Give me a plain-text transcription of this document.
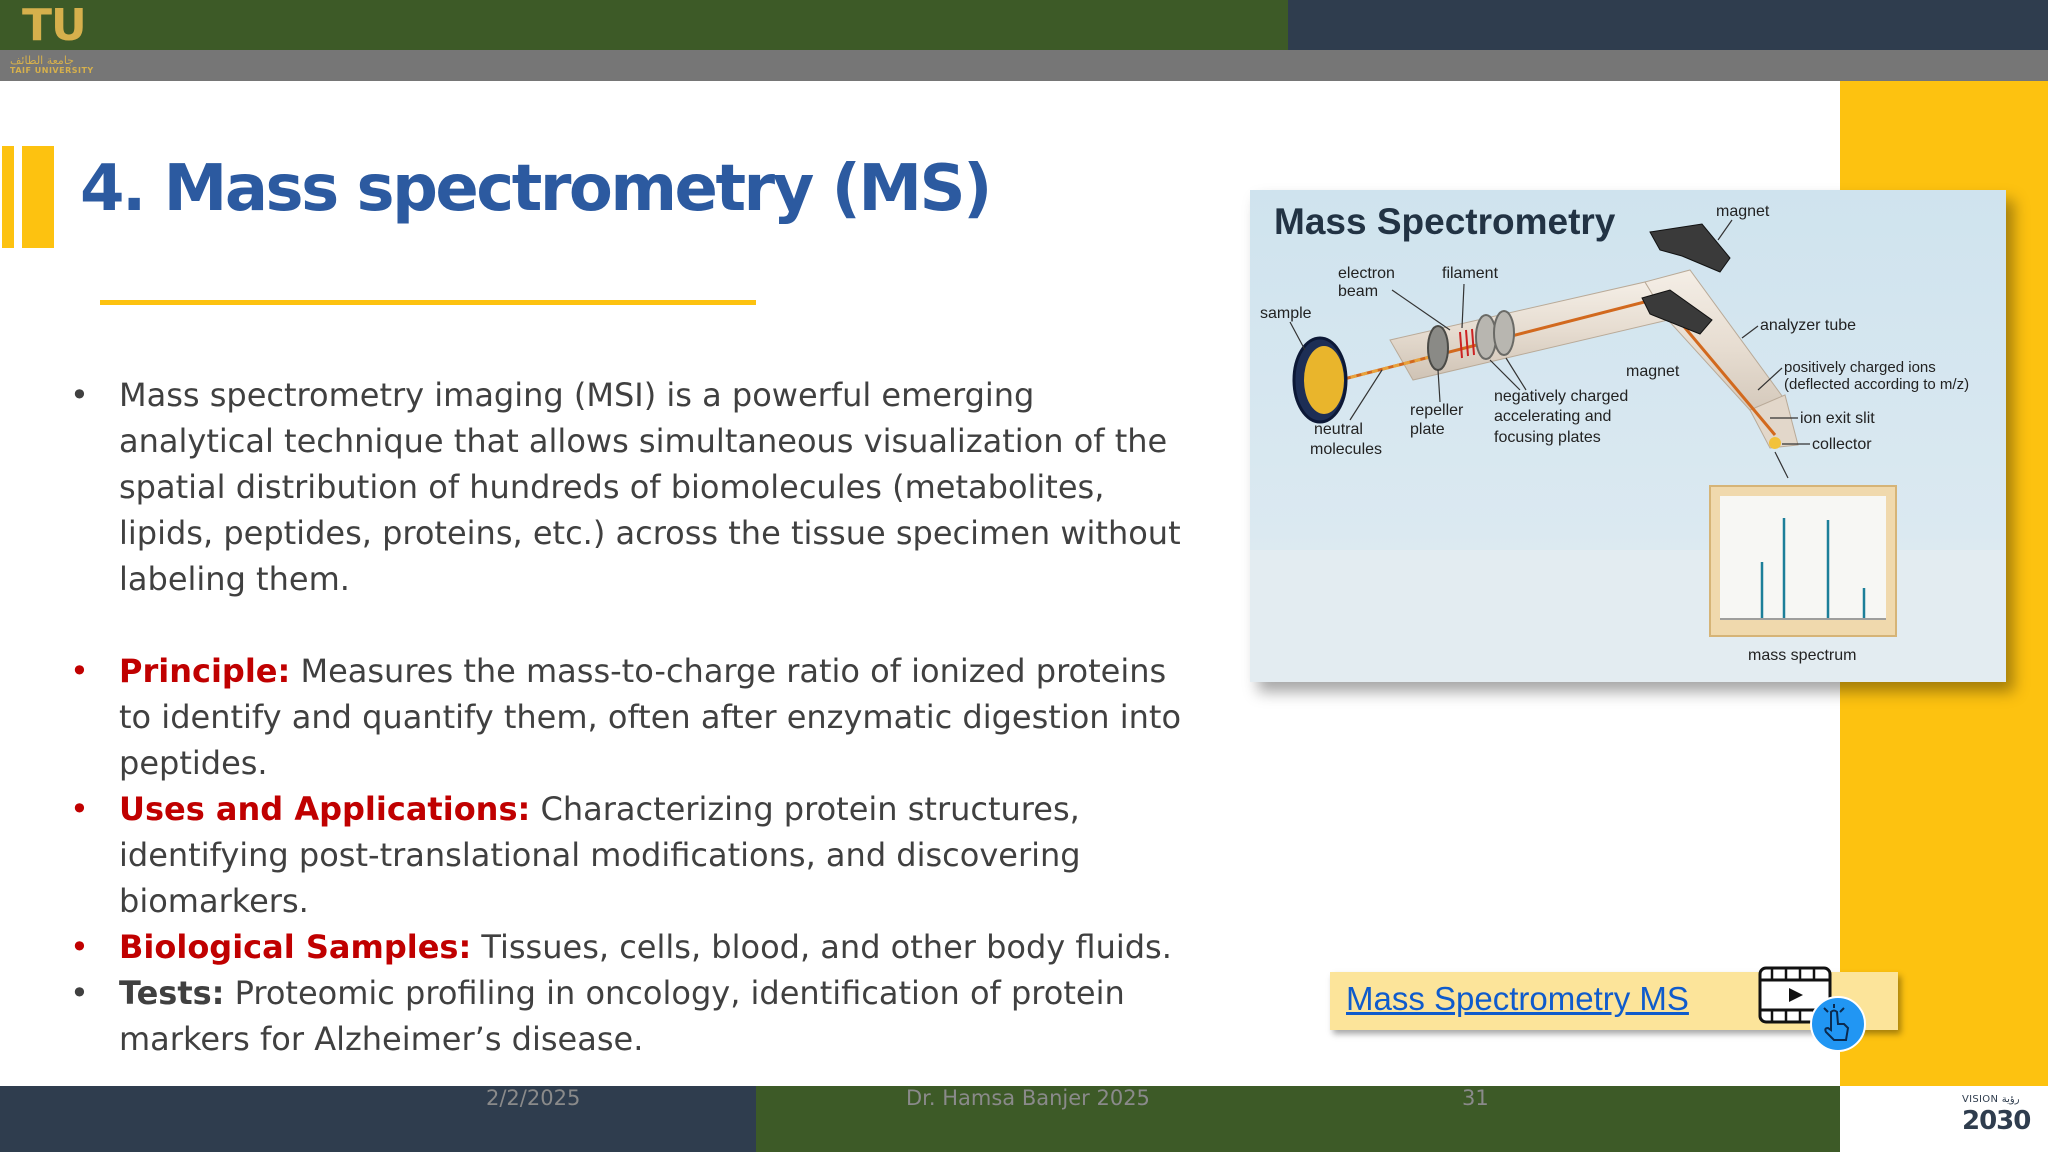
TU
جامعة الطائف
TAIF UNIVERSITY
4. Mass spectrometry (MS)
• Mass spectrometry imaging (MSI) is a powerful emerging analytical technique that allows simultaneous visualization of the spatial distribution of hundreds of biomolecules (metabolites, lipids, peptides, proteins, etc.) across the tissue specimen without labeling them.
• Principle: Measures the mass-to-charge ratio of ionized proteins to identify and quantify them, often after enzymatic digestion into peptides.
• Uses and Applications: Characterizing protein structures, identifying post-translational modifications, and discovering biomarkers.
• Biological Samples: Tissues, cells, blood, and other body fluids.
• Tests: Proteomic profiling in oncology, identification of protein markers for Alzheimer’s disease.
Mass Spectrometry	magnet
electron
beam
filament
sample
analyzer tube
magnet	positively charged ions
(deflected according to m/z)
negatively charged
accelerating and
focusing plates
repeller
plate
neutral
molecules
ion exit slit
collector
mass spectrum
Mass Spectrometry MS
2/2/2025	Dr. Hamsa Banjer 2025	31	VISION رؤية
2030
